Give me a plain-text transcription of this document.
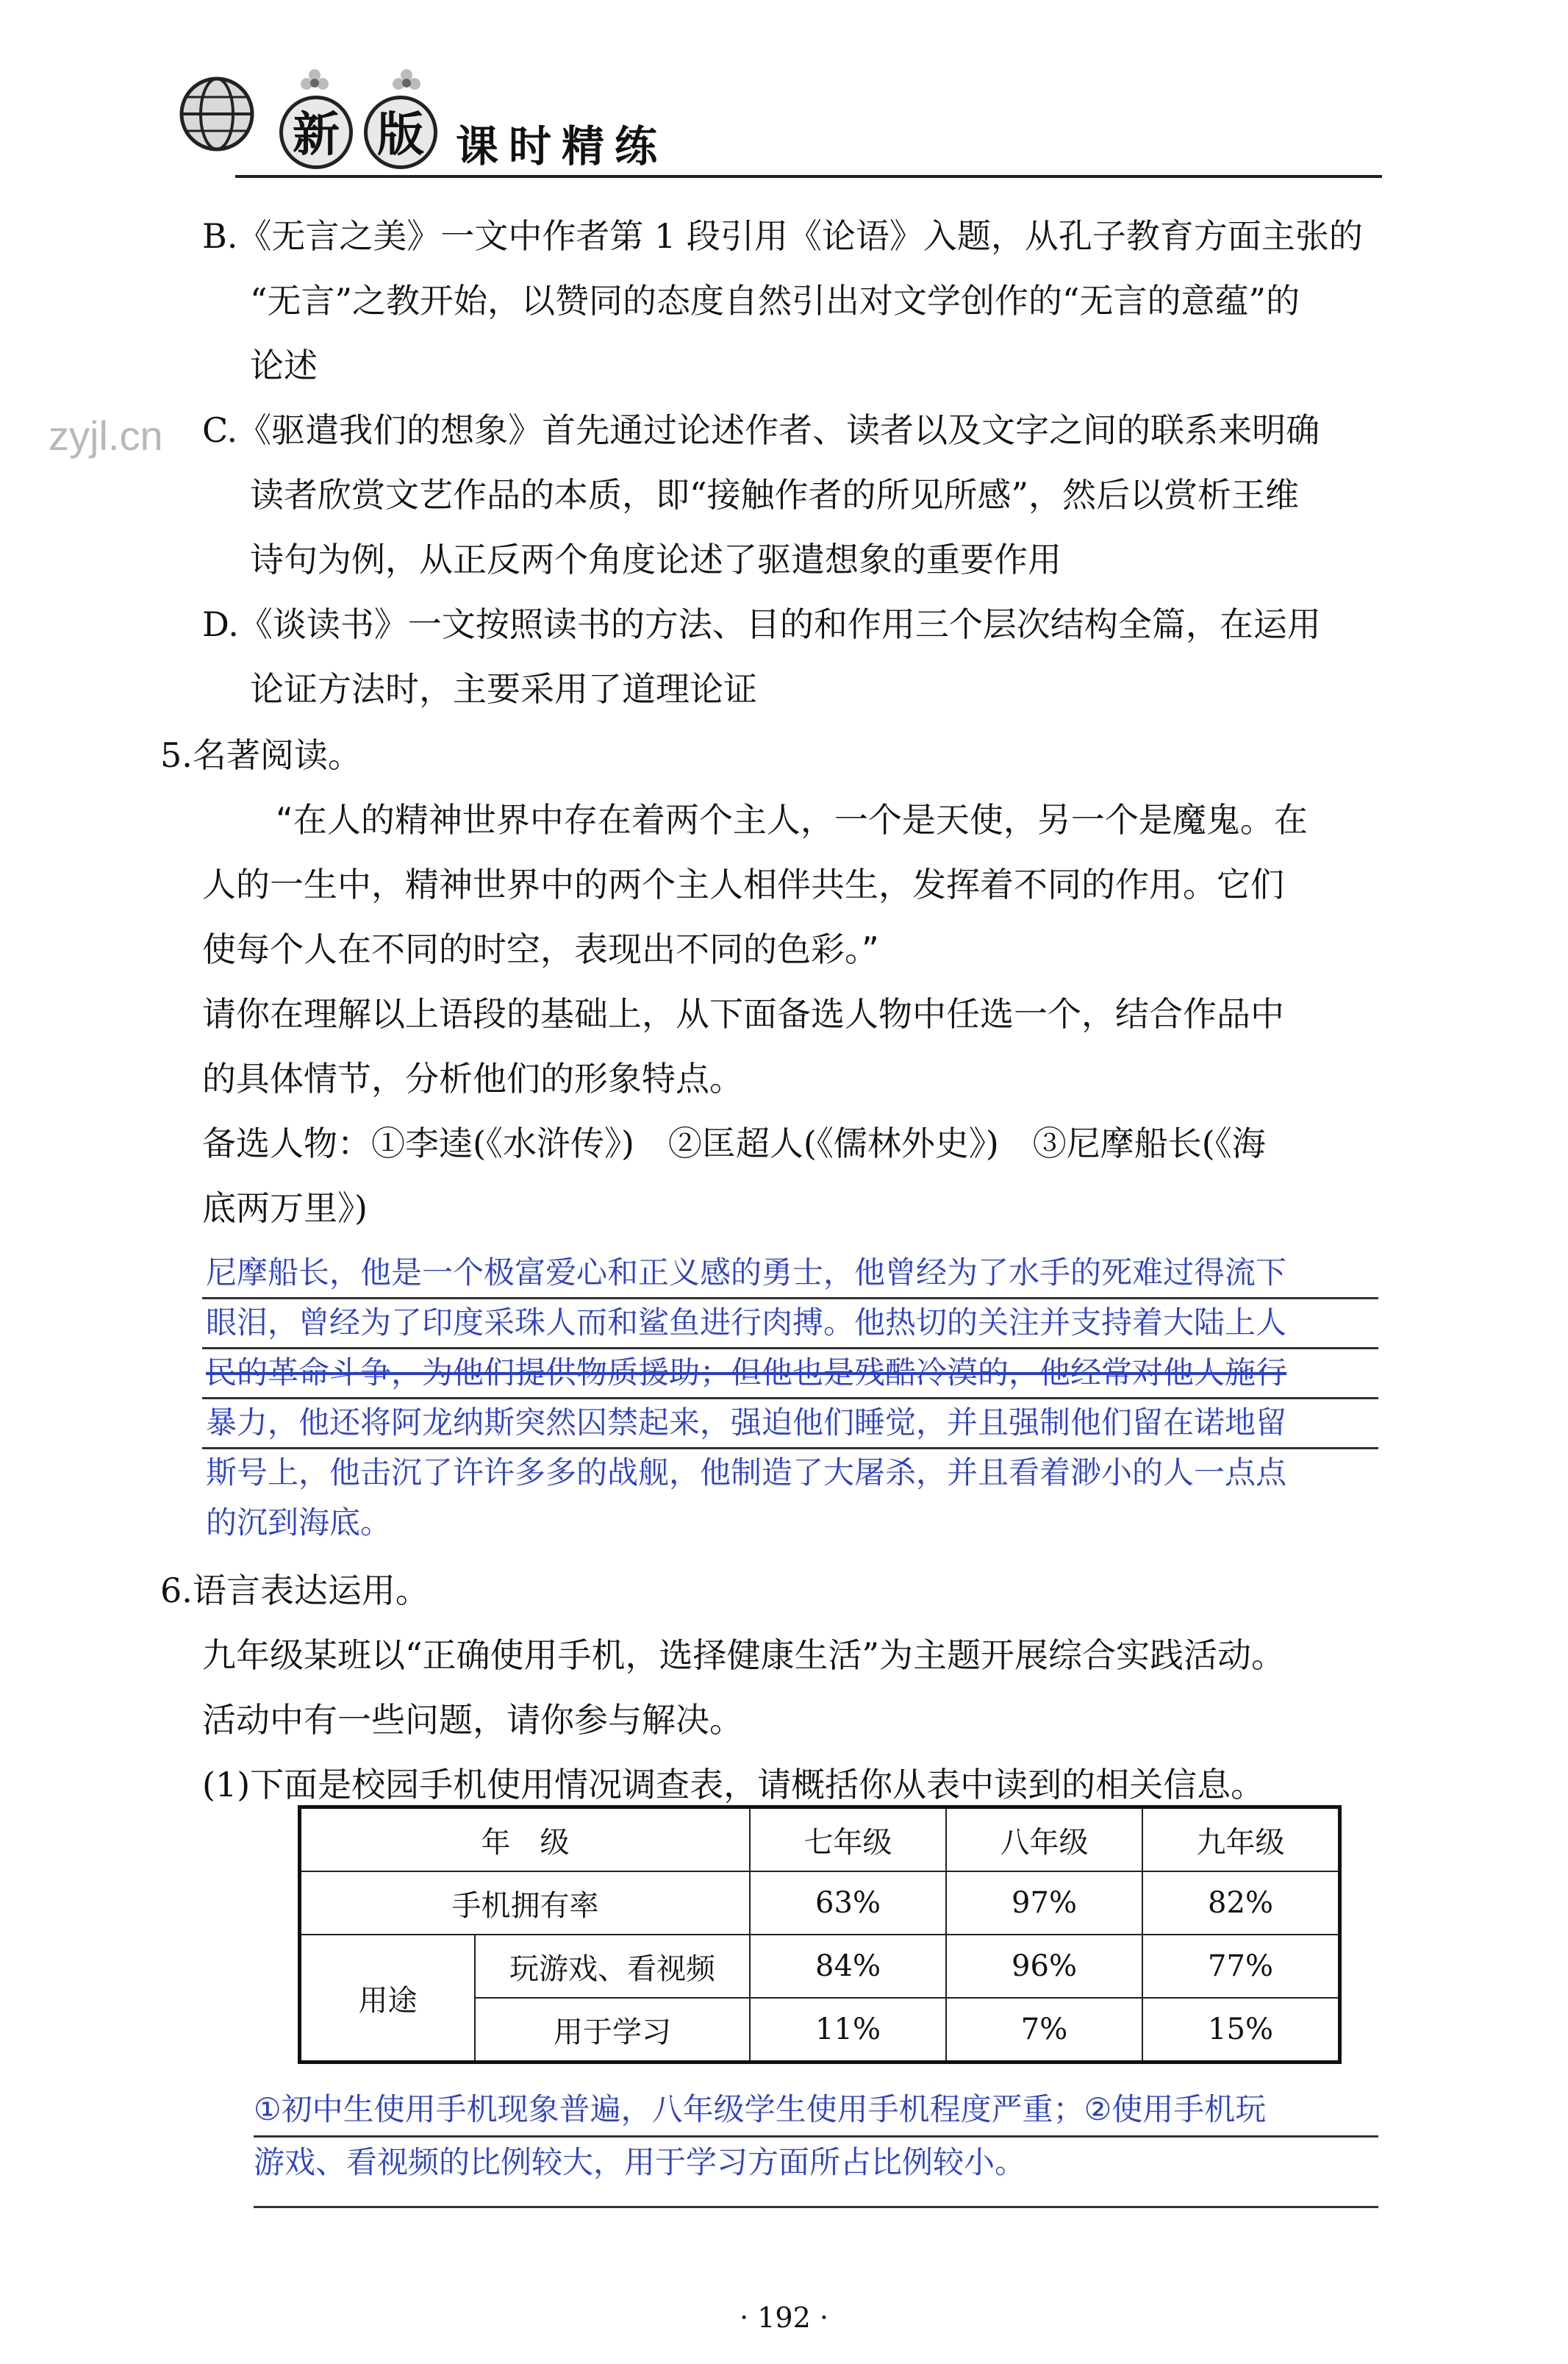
新 版 课时精练
zyjl.cn
B.《无言之美》一文中作者第 1 段引用《论语》入题，从孔子教育方面主张的
“无言”之教开始，以赞同的态度自然引出对文学创作的“无言的意蕴”的
论述
C.《驱遣我们的想象》首先通过论述作者、读者以及文字之间的联系来明确
读者欣赏文艺作品的本质，即“接触作者的所见所感”，然后以赏析王维
诗句为例，从正反两个角度论述了驱遣想象的重要作用
D.《谈读书》一文按照读书的方法、目的和作用三个层次结构全篇，在运用
论证方法时，主要采用了道理论证
5.名著阅读。
“在人的精神世界中存在着两个主人，一个是天使，另一个是魔鬼。在
人的一生中，精神世界中的两个主人相伴共生，发挥着不同的作用。它们
使每个人在不同的时空，表现出不同的色彩。”
请你在理解以上语段的基础上，从下面备选人物中任选一个，结合作品中
的具体情节，分析他们的形象特点。
备选人物：①李逵(《水浒传》)　②匡超人(《儒林外史》)　③尼摩船长(《海
底两万里》)
尼摩船长，他是一个极富爱心和正义感的勇士，他曾经为了水手的死难过得流下
眼泪，曾经为了印度采珠人而和鲨鱼进行肉搏。他热切的关注并支持着大陆上人
民的革命斗争，为他们提供物质援助；但他也是残酷冷漠的，他经常对他人施行
暴力，他还将阿龙纳斯突然囚禁起来，强迫他们睡觉，并且强制他们留在诺地留
斯号上，他击沉了许许多多的战舰，他制造了大屠杀，并且看着渺小的人一点点
的沉到海底。
6.语言表达运用。
九年级某班以“正确使用手机，选择健康生活”为主题开展综合实践活动。
活动中有一些问题，请你参与解决。
(1)下面是校园手机使用情况调查表，请概括你从表中读到的相关信息。
年　级		七年级	八年级	九年级
手机拥有率		63%	97%	82%
用途	玩游戏、看视频	84%	96%	77%
	用于学习	11%	7%	15%
①初中生使用手机现象普遍，八年级学生使用手机程度严重；②使用手机玩
游戏、看视频的比例较大，用于学习方面所占比例较小。
· 192 ·
